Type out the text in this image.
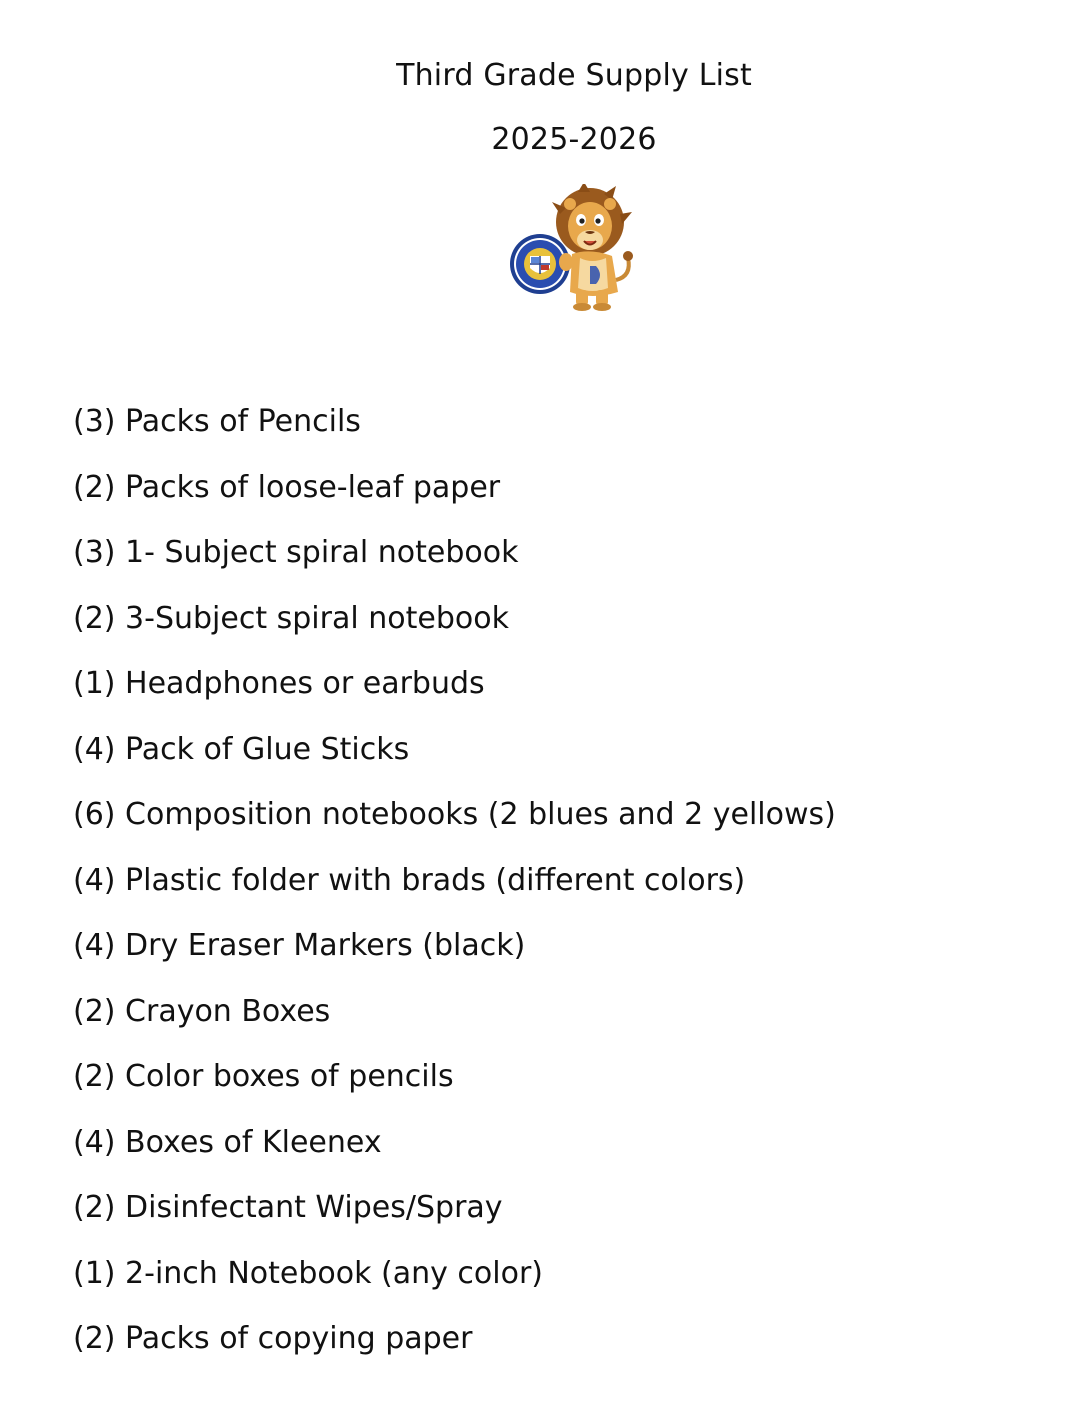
Third Grade Supply List
2025-2026
(3) Packs of Pencils
(2) Packs of loose-leaf paper
(3) 1- Subject spiral notebook
(2) 3-Subject spiral notebook
(1) Headphones or earbuds
(4) Pack of Glue Sticks
(6) Composition notebooks (2 blues and 2 yellows)
(4) Plastic folder with brads (different colors)
(4) Dry Eraser Markers (black)
(2) Crayon Boxes
(2) Color boxes of pencils
(4) Boxes of Kleenex
(2) Disinfectant Wipes/Spray
(1) 2-inch Notebook (any color)
(2) Packs of copying paper
